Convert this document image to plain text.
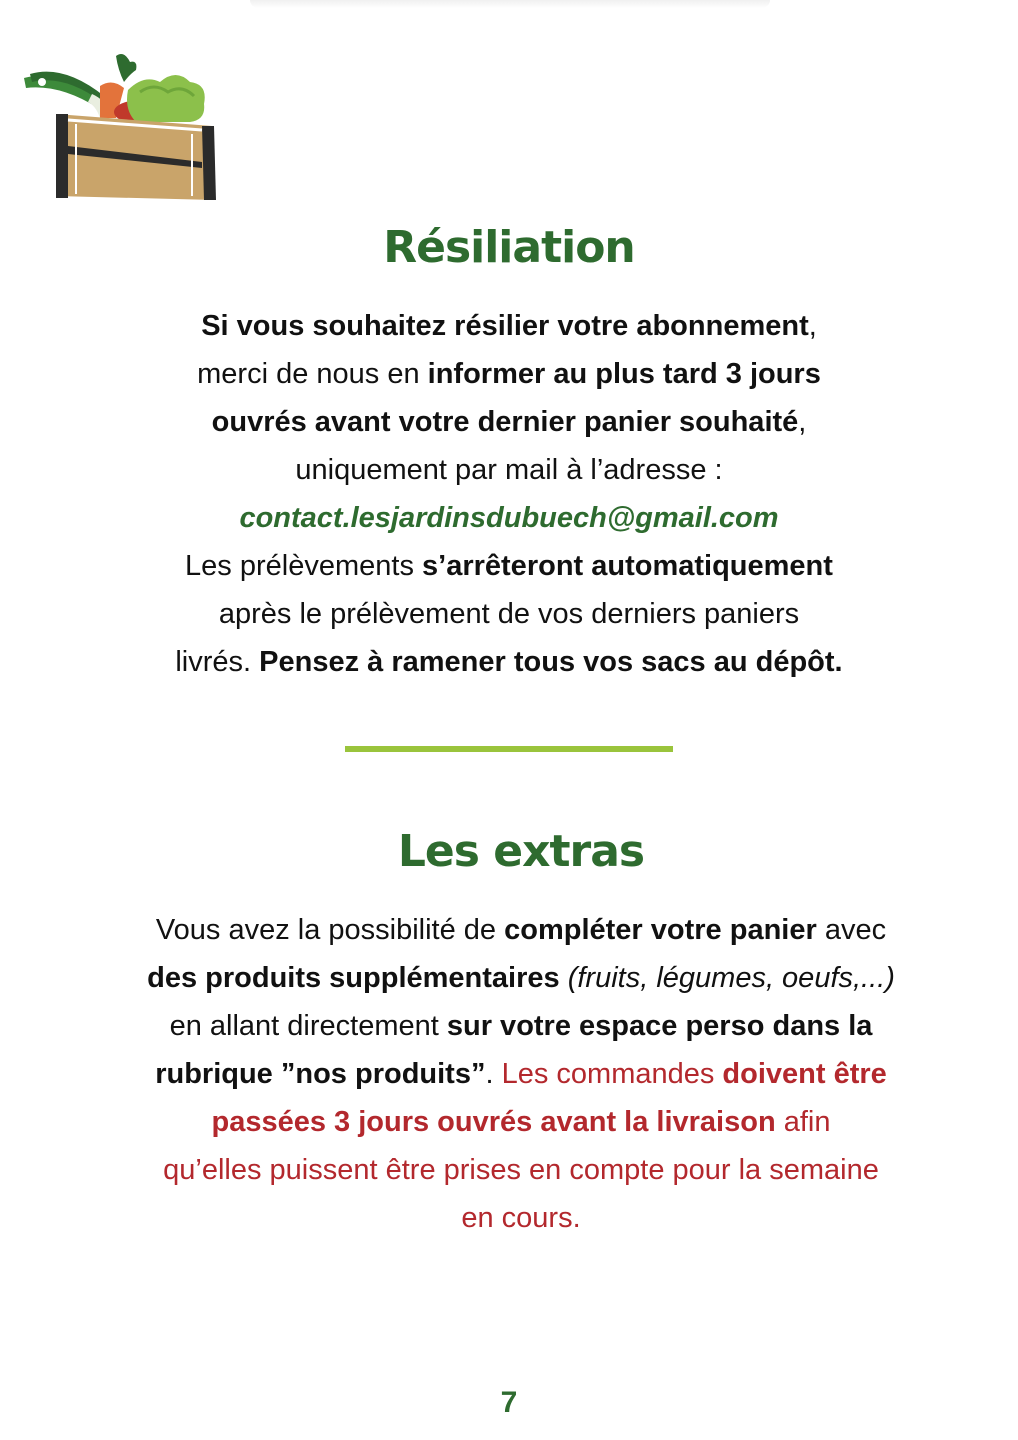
Résiliation

Si vous souhaitez résilier votre abonnement,
merci de nous en informer au plus tard 3 jours
ouvrés avant votre dernier panier souhaité,
uniquement par mail à l’adresse :
contact.lesjardinsdubuech@gmail.com
Les prélèvements s’arrêteront automatiquement
après le prélèvement de vos derniers paniers
livrés. Pensez à ramener tous vos sacs au dépôt.

Les extras

Vous avez la possibilité de compléter votre panier avec
des produits supplémentaires (fruits, légumes, oeufs,...)
en allant directement sur votre espace perso dans la
rubrique ”nos produits”. Les commandes doivent être
passées 3 jours ouvrés avant la livraison afin
qu’elles puissent être prises en compte pour la semaine
en cours.

7
